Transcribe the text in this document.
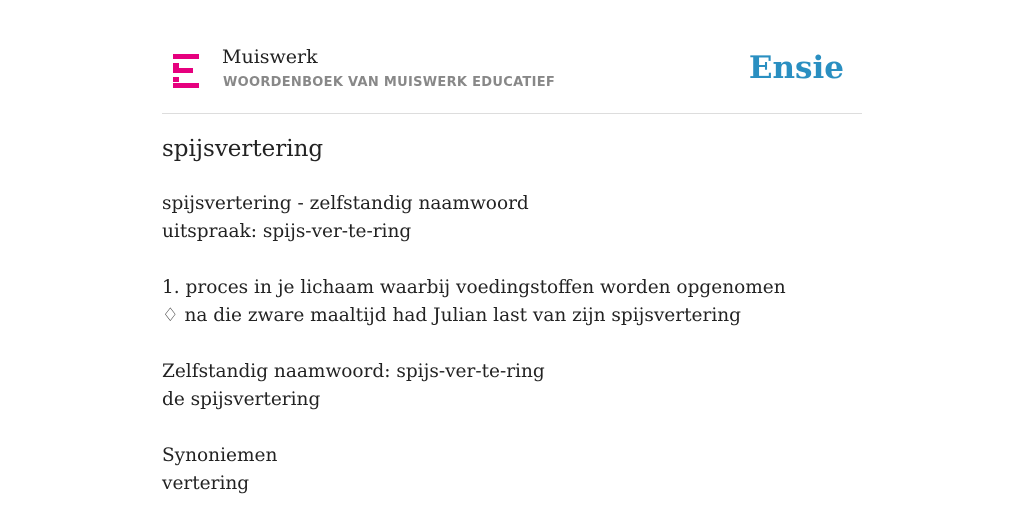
Muiswerk
WOORDENBOEK VAN MUISWERK EDUCATIEF	Ensie
spijsvertering
spijsvertering - zelfstandig naamwoord
uitspraak: spijs-ver-te-ring
1. proces in je lichaam waarbij voedingstoffen worden opgenomen
♢ na die zware maaltijd had Julian last van zijn spijsvertering
Zelfstandig naamwoord: spijs-ver-te-ring
de spijsvertering
Synoniemen
vertering
